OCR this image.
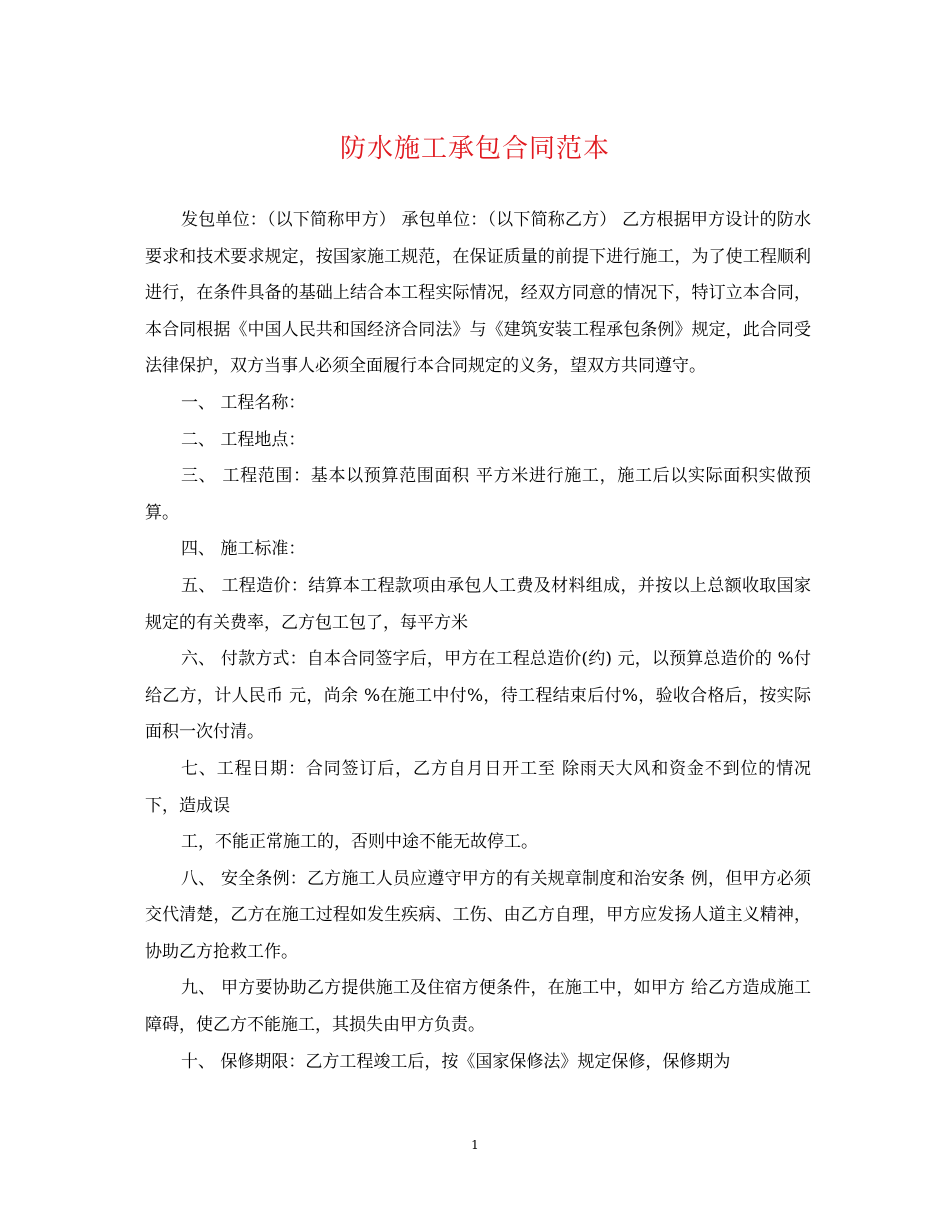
防水施工承包合同范本

发包单位：（以下简称甲方） 承包单位：（以下简称乙方） 乙方根据甲方设计的防水要求和技术要求规定，按国家施工规范，在保证质量的前提下进行施工，为了使工程顺利进行，在条件具备的基础上结合本工程实际情况，经双方同意的情况下，特订立本合同，本合同根据《中国人民共和国经济合同法》与《建筑安装工程承包条例》规定，此合同受法律保护，双方当事人必须全面履行本合同规定的义务，望双方共同遵守。

一、 工程名称：

二、 工程地点：

三、 工程范围：基本以预算范围面积 平方米进行施工，施工后以实际面积实做预算。

四、 施工标准：

五、 工程造价：结算本工程款项由承包人工费及材料组成，并按以上总额收取国家规定的有关费率，乙方包工包了，每平方米

六、 付款方式：自本合同签字后，甲方在工程总造价(约) 元，以预算总造价的 %付给乙方，计人民币 元，尚余 %在施工中付%，待工程结束后付%，验收合格后，按实际面积一次付清。

七、工程日期：合同签订后，乙方自月日开工至 除雨天大风和资金不到位的情况下，造成误

工，不能正常施工的，否则中途不能无故停工。

八、 安全条例：乙方施工人员应遵守甲方的有关规章制度和治安条 例，但甲方必须交代清楚，乙方在施工过程如发生疾病、工伤、由乙方自理，甲方应发扬人道主义精神，协助乙方抢救工作。

九、 甲方要协助乙方提供施工及住宿方便条件，在施工中，如甲方 给乙方造成施工障碍，使乙方不能施工，其损失由甲方负责。

十、 保修期限：乙方工程竣工后，按《国家保修法》规定保修，保修期为

1
